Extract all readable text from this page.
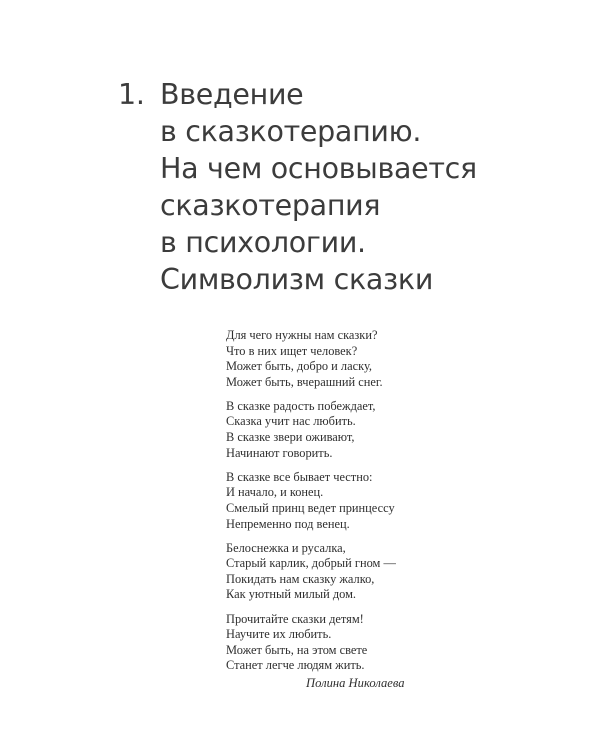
1. Введение
в сказкотерапию.
На чем основывается
сказкотерапия
в психологии.
Символизм сказки
Для чего нужны нам сказки?
Что в них ищет человек?
Может быть, добро и ласку,
Может быть, вчерашний снег.
В сказке радость побеждает,
Сказка учит нас любить.
В сказке звери оживают,
Начинают говорить.
В сказке все бывает честно:
И начало, и конец.
Смелый принц ведет принцессу
Непременно под венец.
Белоснежка и русалка,
Старый карлик, добрый гном —
Покидать нам сказку жалко,
Как уютный милый дом.
Прочитайте сказки детям!
Научите их любить.
Может быть, на этом свете
Станет легче людям жить.
Полина Николаева
